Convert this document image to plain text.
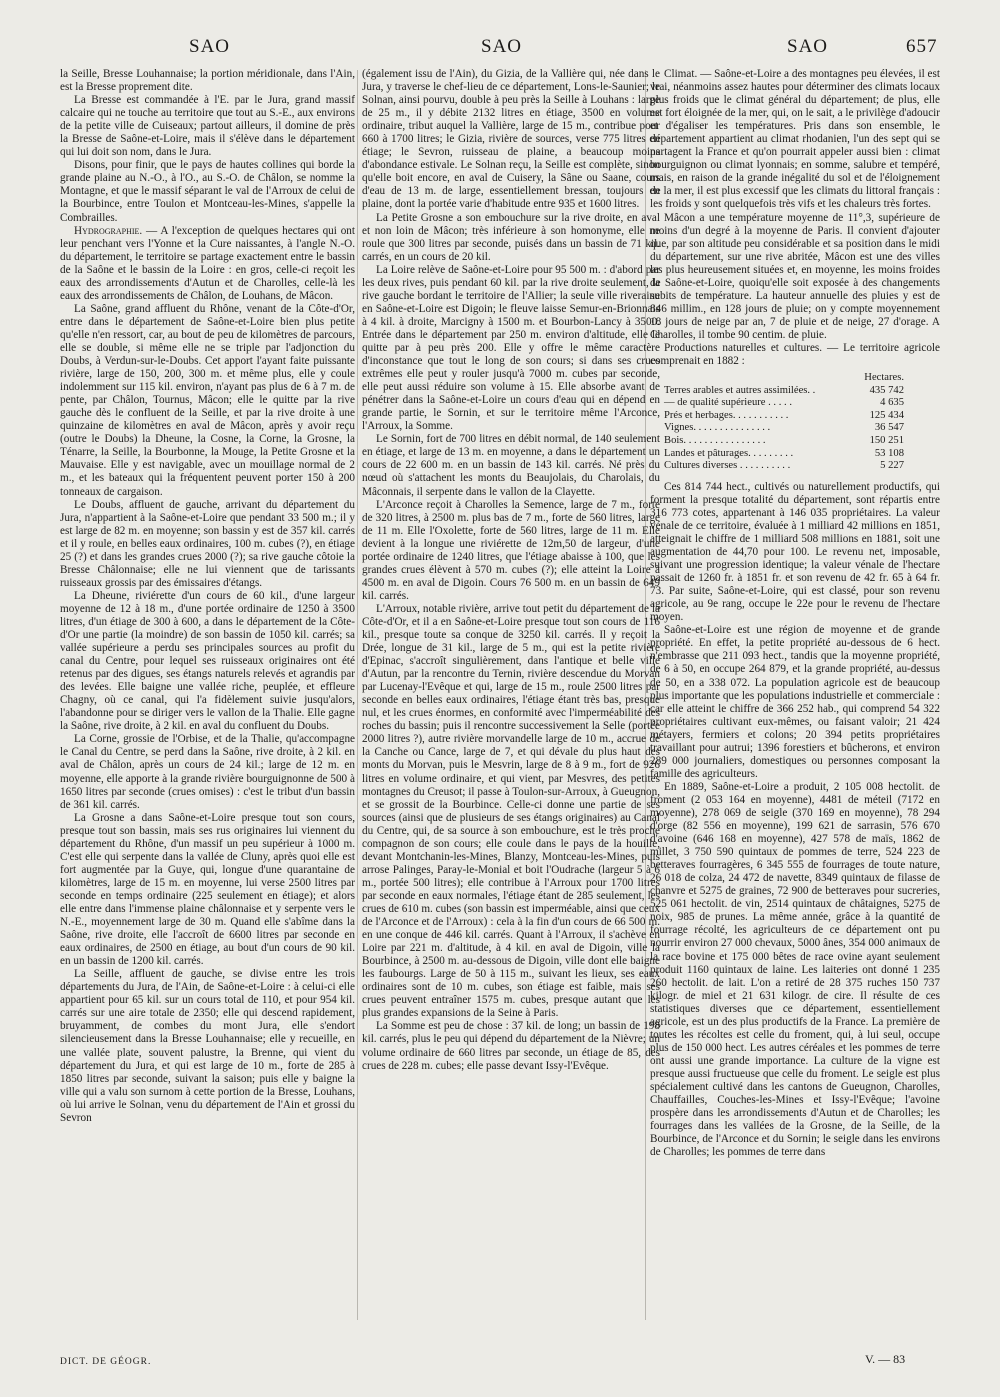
SAO	SAO	SAO	657

la Seille, Bresse Louhannaise; la portion méridionale, dans l'Ain, est la Bresse proprement dite.

La Bresse est commandée à l'E. par le Jura, grand massif calcaire qui ne touche au territoire que tout au S.-E., aux environs de la petite ville de Cuiseaux; partout ailleurs, il domine de près la Bresse de Saône-et-Loire, mais il s'élève dans le département qui lui doit son nom, dans le Jura.

Disons, pour finir, que le pays de hautes collines qui borde la grande plaine au N.-O., à l'O., au S.-O. de Châlon, se nomme la Montagne, et que le massif séparant le val de l'Arroux de celui de la Bourbince, entre Toulon et Montceau-les-Mines, s'appelle la Combrailles.

Hydrographie. — A l'exception de quelques hectares qui ont leur penchant vers l'Yonne et la Cure naissantes, à l'angle N.-O. du département, le territoire se partage exactement entre le bassin de la Saône et le bassin de la Loire : en gros, celle-ci reçoit les eaux des arrondissements d'Autun et de Charolles, celle-là les eaux des arrondissements de Châlon, de Louhans, de Mâcon.

La Saône, grand affluent du Rhône, venant de la Côte-d'Or, entre dans le département de Saône-et-Loire bien plus petite qu'elle n'en ressort, car, au bout de peu de kilomètres de parcours, elle se double, si même elle ne se triple par l'adjonction du Doubs, à Verdun-sur-le-Doubs. Cet apport l'ayant faite puissante rivière, large de 150, 200, 300 m. et même plus, elle y coule indolemment sur 115 kil. environ, n'ayant pas plus de 6 à 7 m. de pente, par Châlon, Tournus, Mâcon; elle le quitte par la rive gauche dès le confluent de la Seille, et par la rive droite à une quinzaine de kilomètres en aval de Mâcon, après y avoir reçu (outre le Doubs) la Dheune, la Cosne, la Corne, la Grosne, la Ténarre, la Seille, la Bourbonne, la Mouge, la Petite Grosne et la Mauvaise. Elle y est navigable, avec un mouillage normal de 2 m., et les bateaux qui la fréquentent peuvent porter 150 à 200 tonneaux de cargaison.

Le Doubs, affluent de gauche, arrivant du département du Jura, n'appartient à la Saône-et-Loire que pendant 33 500 m.; il y est large de 82 m. en moyenne; son bassin y est de 357 kil. carrés et il y roule, en belles eaux ordinaires, 100 m. cubes (?), en étiage 25 (?) et dans les grandes crues 2000 (?); sa rive gauche côtoie la Bresse Châlonnaise; elle ne lui viennent que de tarissants ruisseaux grossis par des émissaires d'étangs.

La Dheune, riviérette d'un cours de 60 kil., d'une largeur moyenne de 12 à 18 m., d'une portée ordinaire de 1250 à 3500 litres, d'un étiage de 300 à 600, a dans le département de la Côte-d'Or une partie (la moindre) de son bassin de 1050 kil. carrés; sa vallée supérieure a perdu ses principales sources au profit du canal du Centre, pour lequel ses ruisseaux originaires ont été retenus par des digues, ses étangs naturels relevés et agrandis par des levées. Elle baigne une vallée riche, peuplée, et effleure Chagny, où ce canal, qui l'a fidèlement suivie jusqu'alors, l'abandonne pour se diriger vers le vallon de la Thalie. Elle gagne la Saône, rive droite, à 2 kil. en aval du confluent du Doubs.

La Corne, grossie de l'Orbise, et de la Thalie, qu'accompagne le Canal du Centre, se perd dans la Saône, rive droite, à 2 kil. en aval de Châlon, après un cours de 24 kil.; large de 12 m. en moyenne, elle apporte à la grande rivière bourguignonne de 500 à 1650 litres par seconde (crues omises) : c'est le tribut d'un bassin de 361 kil. carrés.

La Grosne a dans Saône-et-Loire presque tout son cours, presque tout son bassin, mais ses rus originaires lui viennent du département du Rhône, d'un massif un peu supérieur à 1000 m. C'est elle qui serpente dans la vallée de Cluny, après quoi elle est fort augmentée par la Guye, qui, longue d'une quarantaine de kilomètres, large de 15 m. en moyenne, lui verse 2500 litres par seconde en temps ordinaire (225 seulement en étiage); et alors elle entre dans l'immense plaine châlonnaise et y serpente vers le N.-E., moyennement large de 30 m. Quand elle s'abîme dans la Saône, rive droite, elle l'accroît de 6600 litres par seconde en eaux ordinaires, de 2500 en étiage, au bout d'un cours de 90 kil. en un bassin de 1200 kil. carrés.

La Seille, affluent de gauche, se divise entre les trois départements du Jura, de l'Ain, de Saône-et-Loire : à celui-ci elle appartient pour 65 kil. sur un cours total de 110, et pour 954 kil. carrés sur une aire totale de 2350; elle qui descend rapidement, bruyamment, de combes du mont Jura, elle s'endort silencieusement dans la Bresse Louhannaise; elle y recueille, en une vallée plate, souvent palustre, la Brenne, qui vient du département du Jura, et qui est large de 10 m., forte de 285 à 1850 litres par seconde, suivant la saison; puis elle y baigne la ville qui a valu son surnom à cette portion de la Bresse, Louhans, où lui arrive le Solnan, venu du département de l'Ain et grossi du Sevron

(également issu de l'Ain), du Gizia, de la Vallière qui, née dans le Jura, y traverse le chef-lieu de ce département, Lons-le-Saunier; le Solnan, ainsi pourvu, double à peu près la Seille à Louhans : large de 25 m., il y débite 2132 litres en étiage, 3500 en volume ordinaire, tribut auquel la Vallière, large de 15 m., contribue pour 660 à 1700 litres; le Gizia, rivière de sources, verse 775 litres en étiage; le Sevron, ruisseau de plaine, a beaucoup moins d'abondance estivale. Le Solnan reçu, la Seille est complète, sinon qu'elle boit encore, en aval de Cuisery, la Sâne ou Saane, cours d'eau de 13 m. de large, essentiellement bressan, toujours en plaine, dont la portée varie d'habitude entre 935 et 1600 litres.

La Petite Grosne a son embouchure sur la rive droite, en aval et non loin de Mâcon; très inférieure à son homonyme, elle ne roule que 300 litres par seconde, puisés dans un bassin de 71 kil. carrés, en un cours de 20 kil.

La Loire relève de Saône-et-Loire pour 95 500 m. : d'abord par les deux rives, puis pendant 60 kil. par la rive droite seulement, la rive gauche bordant le territoire de l'Allier; la seule ville riveraine en Saône-et-Loire est Digoin; le fleuve laisse Semur-en-Brionnais à 4 kil. à droite, Marcigny à 1500 m. et Bourbon-Lancy à 3500. Entrée dans le département par 250 m. environ d'altitude, elle le quitte par à peu près 200. Elle y offre le même caractère d'inconstance que tout le long de son cours; si dans ses crues extrêmes elle peut y rouler jusqu'à 7000 m. cubes par seconde, elle peut aussi réduire son volume à 15. Elle absorbe avant de pénétrer dans la Saône-et-Loire un cours d'eau qui en dépend en grande partie, le Sornin, et sur le territoire même l'Arconce, l'Arroux, la Somme.

Le Sornin, fort de 700 litres en débit normal, de 140 seulement en étiage, et large de 13 m. en moyenne, a dans le département un cours de 22 600 m. en un bassin de 143 kil. carrés. Né près du nœud où s'attachent les monts du Beaujolais, du Charolais, du Mâconnais, il serpente dans le vallon de la Clayette.

L'Arconce reçoit à Charolles la Semence, large de 7 m., forte de 320 litres, à 2500 m. plus bas de 7 m., forte de 560 litres, large de 11 m. Elle l'Oxolette, forte de 560 litres, large de 11 m. Elle devient à la longue une riviérette de 12m,50 de largeur, d'une portée ordinaire de 1240 litres, que l'étiage abaisse à 100, que les grandes crues élèvent à 570 m. cubes (?); elle atteint la Loire à 4500 m. en aval de Digoin. Cours 76 500 m. en un bassin de 649 kil. carrés.

L'Arroux, notable rivière, arrive tout petit du département de la Côte-d'Or, et il a en Saône-et-Loire presque tout son cours de 116 kil., presque toute sa conque de 3250 kil. carrés. Il y reçoit la Drée, longue de 31 kil., large de 5 m., qui est la petite rivière d'Epinac, s'accroît singulièrement, dans l'antique et belle ville d'Autun, par la rencontre du Ternin, rivière descendue du Morvan par Lucenay-l'Evêque et qui, large de 15 m., roule 2500 litres par seconde en belles eaux ordinaires, l'étiage étant très bas, presque nul, et les crues énormes, en conformité avec l'imperméabilité des roches du bassin; puis il rencontre successivement la Selle (portée 2000 litres ?), autre rivière morvandelle large de 10 m., accrue de la Canche ou Cance, large de 7, et qui dévale du plus haut des monts du Morvan, puis le Mesvrin, large de 8 à 9 m., fort de 926 litres en volume ordinaire, et qui vient, par Mesvres, des petites montagnes du Creusot; il passe à Toulon-sur-Arroux, à Gueugnon, et se grossit de la Bourbince. Celle-ci donne une partie de ses sources (ainsi que de plusieurs de ses étangs originaires) au Canal du Centre, qui, de sa source à son embouchure, est le très proche compagnon de son cours; elle coule dans le pays de la houille, devant Montchanin-les-Mines, Blanzy, Montceau-les-Mines, puis arrose Palinges, Paray-le-Monial et boit l'Oudrache (largeur 5 à 6 m., portée 500 litres); elle contribue à l'Arroux pour 1700 litres par seconde en eaux normales, l'étiage étant de 285 seulement, les crues de 610 m. cubes (son bassin est imperméable, ainsi que ceux de l'Arconce et de l'Arroux) : cela à la fin d'un cours de 66 500 m. en une conque de 446 kil. carrés. Quant à l'Arroux, il s'achève en Loire par 221 m. d'altitude, à 4 kil. en aval de Digoin, ville la Bourbince, à 2500 m. au-dessous de Digoin, ville dont elle baigne les faubourgs. Large de 50 à 115 m., suivant les lieux, ses eaux ordinaires sont de 10 m. cubes, son étiage est faible, mais ses crues peuvent entraîner 1575 m. cubes, presque autant que les plus grandes expansions de la Seine à Paris.

La Somme est peu de chose : 37 kil. de long; un bassin de 198 kil. carrés, plus le peu qui dépend du département de la Nièvre; un volume ordinaire de 660 litres par seconde, un étiage de 85, des crues de 228 m. cubes; elle passe devant Issy-l'Evêque.

Climat. — Saône-et-Loire a des montagnes peu élevées, il est vrai, néanmoins assez hautes pour déterminer des climats locaux plus froids que le climat général du département; de plus, elle est fort éloignée de la mer, qui, on le sait, a le privilège d'adoucir et d'égaliser les températures. Pris dans son ensemble, le département appartient au climat rhodanien, l'un des sept qui se partagent la France et qu'on pourrait appeler aussi bien : climat bourguignon ou climat lyonnais; en somme, salubre et tempéré, mais, en raison de la grande inégalité du sol et de l'éloignement de la mer, il est plus excessif que les climats du littoral français : les froids y sont quelquefois très vifs et les chaleurs très fortes.

Mâcon a une température moyenne de 11°,3, supérieure de moins d'un degré à la moyenne de Paris. Il convient d'ajouter que, par son altitude peu considérable et sa position dans le midi du département, sur une rive abritée, Mâcon est une des villes les plus heureusement situées et, en moyenne, les moins froides de Saône-et-Loire, quoiqu'elle soit exposée à des changements subits de température. La hauteur annuelle des pluies y est de 846 millim., en 128 jours de pluie; on y compte moyennement 18 jours de neige par an, 7 de pluie et de neige, 27 d'orage. A Charolles, il tombe 90 centim. de pluie.

Productions naturelles et cultures. — Le territoire agricole comprenait en 1882 :

Hectares.	
Terres arables et autres assimilées. .	435 742
— de qualité supérieure . . . . .	4 635
Prés et herbages. . . . . . . . . . .	125 434
Vignes. . . . . . . . . . . . . . .	36 547
Bois. . . . . . . . . . . . . . . .	150 251
Landes et pâturages. . . . . . . . .	53 108
Cultures diverses . . . . . . . . . .	5 227

Ces 814 744 hect., cultivés ou naturellement productifs, qui forment la presque totalité du département, sont répartis entre 316 773 cotes, appartenant à 146 035 propriétaires. La valeur vénale de ce territoire, évaluée à 1 milliard 42 millions en 1851, atteignait le chiffre de 1 milliard 508 millions en 1881, soit une augmentation de 44,70 pour 100. Le revenu net, imposable, suivant une progression identique; la valeur vénale de l'hectare passait de 1260 fr. à 1851 fr. et son revenu de 42 fr. 65 à 64 fr. 73. Par suite, Saône-et-Loire, qui est classé, pour son revenu agricole, au 9e rang, occupe le 22e pour le revenu de l'hectare moyen.

Saône-et-Loire est une région de moyenne et de grande propriété. En effet, la petite propriété au-dessous de 6 hect. n'embrasse que 211 093 hect., tandis que la moyenne propriété, de 6 à 50, en occupe 264 879, et la grande propriété, au-dessus de 50, en a 338 072. La population agricole est de beaucoup plus importante que les populations industrielle et commerciale : car elle atteint le chiffre de 366 252 hab., qui comprend 54 322 propriétaires cultivant eux-mêmes, ou faisant valoir; 21 424 métayers, fermiers et colons; 20 394 petits propriétaires travaillant pour autrui; 1396 forestiers et bûcherons, et environ 289 000 journaliers, domestiques ou personnes composant la famille des agriculteurs.

En 1889, Saône-et-Loire a produit, 2 105 008 hectolit. de froment (2 053 164 en moyenne), 4481 de méteil (7172 en moyenne), 278 069 de seigle (370 169 en moyenne), 78 294 d'orge (82 556 en moyenne), 199 621 de sarrasin, 576 670 d'avoine (646 168 en moyenne), 427 578 de maïs, 1862 de millet, 3 750 590 quintaux de pommes de terre, 524 223 de betteraves fourragères, 6 345 555 de fourrages de toute nature, 26 018 de colza, 24 472 de navette, 8349 quintaux de filasse de chanvre et 5275 de graines, 72 900 de betteraves pour sucreries, 525 061 hectolit. de vin, 2514 quintaux de châtaignes, 5275 de noix, 985 de prunes. La même année, grâce à la quantité de fourrage récolté, les agriculteurs de ce département ont pu nourrir environ 27 000 chevaux, 5000 ânes, 354 000 animaux de la race bovine et 175 000 bêtes de race ovine ayant seulement produit 1160 quintaux de laine. Les laiteries ont donné 1 235 260 hectolit. de lait. L'on a retiré de 28 375 ruches 150 737 kilogr. de miel et 21 631 kilogr. de cire. Il résulte de ces statistiques diverses que ce département, essentiellement agricole, est un des plus productifs de la France. La première de toutes les récoltes est celle du froment, qui, à lui seul, occupe plus de 150 000 hect. Les autres céréales et les pommes de terre ont aussi une grande importance. La culture de la vigne est presque aussi fructueuse que celle du froment. Le seigle est plus spécialement cultivé dans les cantons de Gueugnon, Charolles, Chauffailles, Couches-les-Mines et Issy-l'Evêque; l'avoine prospère dans les arrondissements d'Autun et de Charolles; les fourrages dans les vallées de la Grosne, de la Seille, de la Bourbince, de l'Arconce et du Sornin; le seigle dans les environs de Charolles; les pommes de terre dans

DICT. DE GÉOGR.	V. — 83
